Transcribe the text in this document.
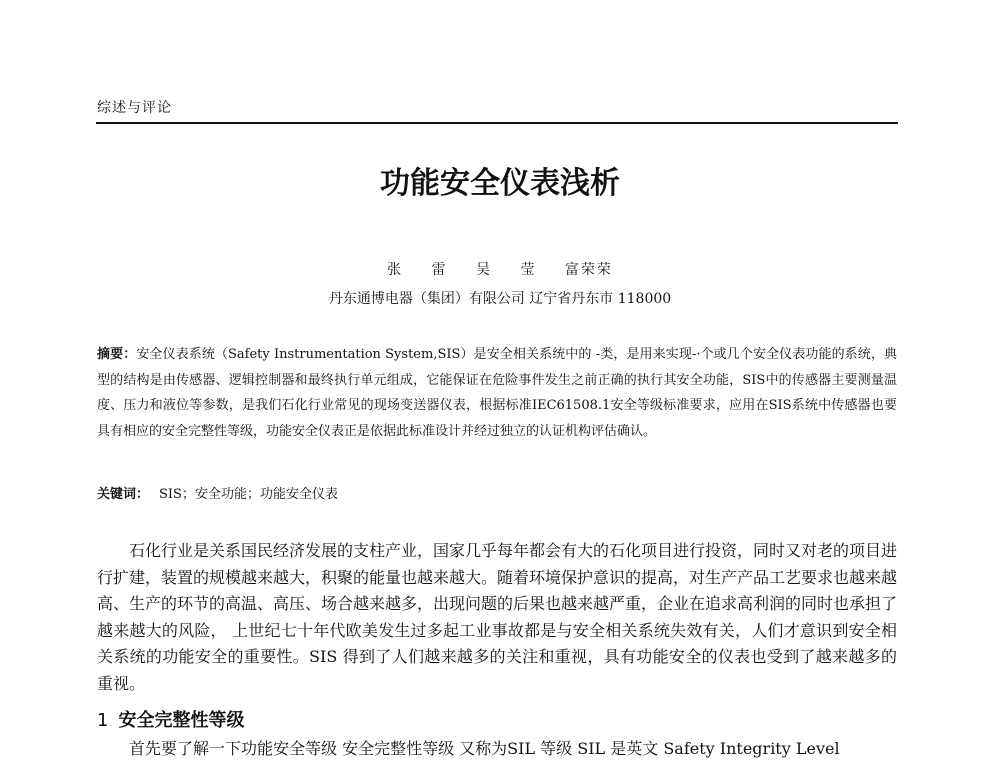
综述与评论
功能安全仪表浅析
张 雷 吴 莹 富荣荣
丹东通博电器（集团）有限公司 辽宁省丹东市 118000
摘要：安全仪表系统（Safety Instrumentation System,SIS）是安全相关系统中的 -类，是用来实现-·个或几个安全仪表功能的系统，典型的结构是由传感器、逻辑控制器和最终执行单元组成，它能保证在危险事件发生之前正确的执行其安全功能，SIS中的传感器主要测量温度、压力和液位等参数，是我们石化行业常见的现场变送器仪表，根据标准IEC61508.1安全等级标准要求，应用在SIS系统中传感器也要具有相应的安全完整性等级，功能安全仪表正是依据此标准设计并经过独立的认证机构评估确认。
关键词： SIS；安全功能；功能安全仪表
石化行业是关系国民经济发展的支柱产业，国家几乎每年都会有大的石化项目进行投资，同时又对老的项目进行扩建，装置的规模越来越大，积聚的能量也越来越大。随着环境保护意识的提高，对生产产品工艺要求也越来越高、生产的环节的高温、高压、场合越来越多，出现问题的后果也越来越严重，企业在追求高利润的同时也承担了越来越大的风险， 上世纪七十年代欧美发生过多起工业事故都是与安全相关系统失效有关，人们才意识到安全相关系统的功能安全的重要性。SIS 得到了人们越来越多的关注和重视，具有功能安全的仪表也受到了越来越多的重视。
1 安全完整性等级
首先要了解一下功能安全等级 安全完整性等级 又称为SIL 等级 SIL 是英文 Safety Integrity Level
